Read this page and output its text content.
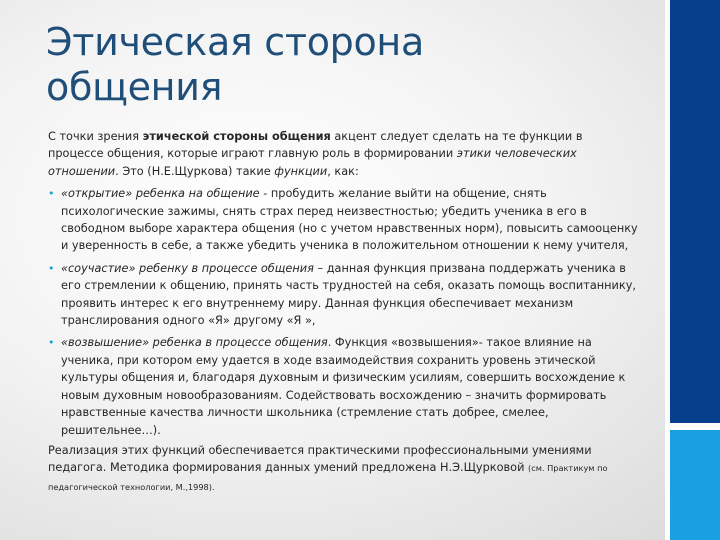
Этическая сторона
общения

С точки зрения этической стороны общения акцент следует сделать на те функции в процессе общения, которые играют главную роль в формировании этики человеческих отношении. Это (Н.Е.Щуркова) такие функции, как:

• «открытие» ребенка на общение - пробудить желание выйти на общение, снять психологические зажимы, снять страх перед неизвестностью; убедить ученика в его в свободном выборе характера общения (но с учетом нравственных норм), повысить самооценку и уверенность в себе, а также убедить ученика в положительном отношении к нему учителя,
• «соучастие» ребенку в процессе общения – данная функция призвана поддержать ученика в его стремлении к общению, принять часть трудностей на себя, оказать помощь воспитаннику, проявить интерес к его внутреннему миру. Данная функция обеспечивает механизм транслирования одного «Я» другому «Я »,
• «возвышение» ребенка в процессе общения. Функция «возвышения»- такое влияние на ученика, при котором ему удается в ходе взаимодействия сохранить уровень этической культуры общения и, благодаря духовным и физическим усилиям, совершить восхождение к новым духовным новообразованиям. Содействовать восхождению – значить формировать нравственные качества личности школьника (стремление стать добрее, смелее, решительнее…).

Реализация этих функций обеспечивается практическими профессиональными умениями педагога. Методика формирования данных умений предложена Н.Э.Щурковой (см. Практикум по педагогической технологии, М.,1998).
